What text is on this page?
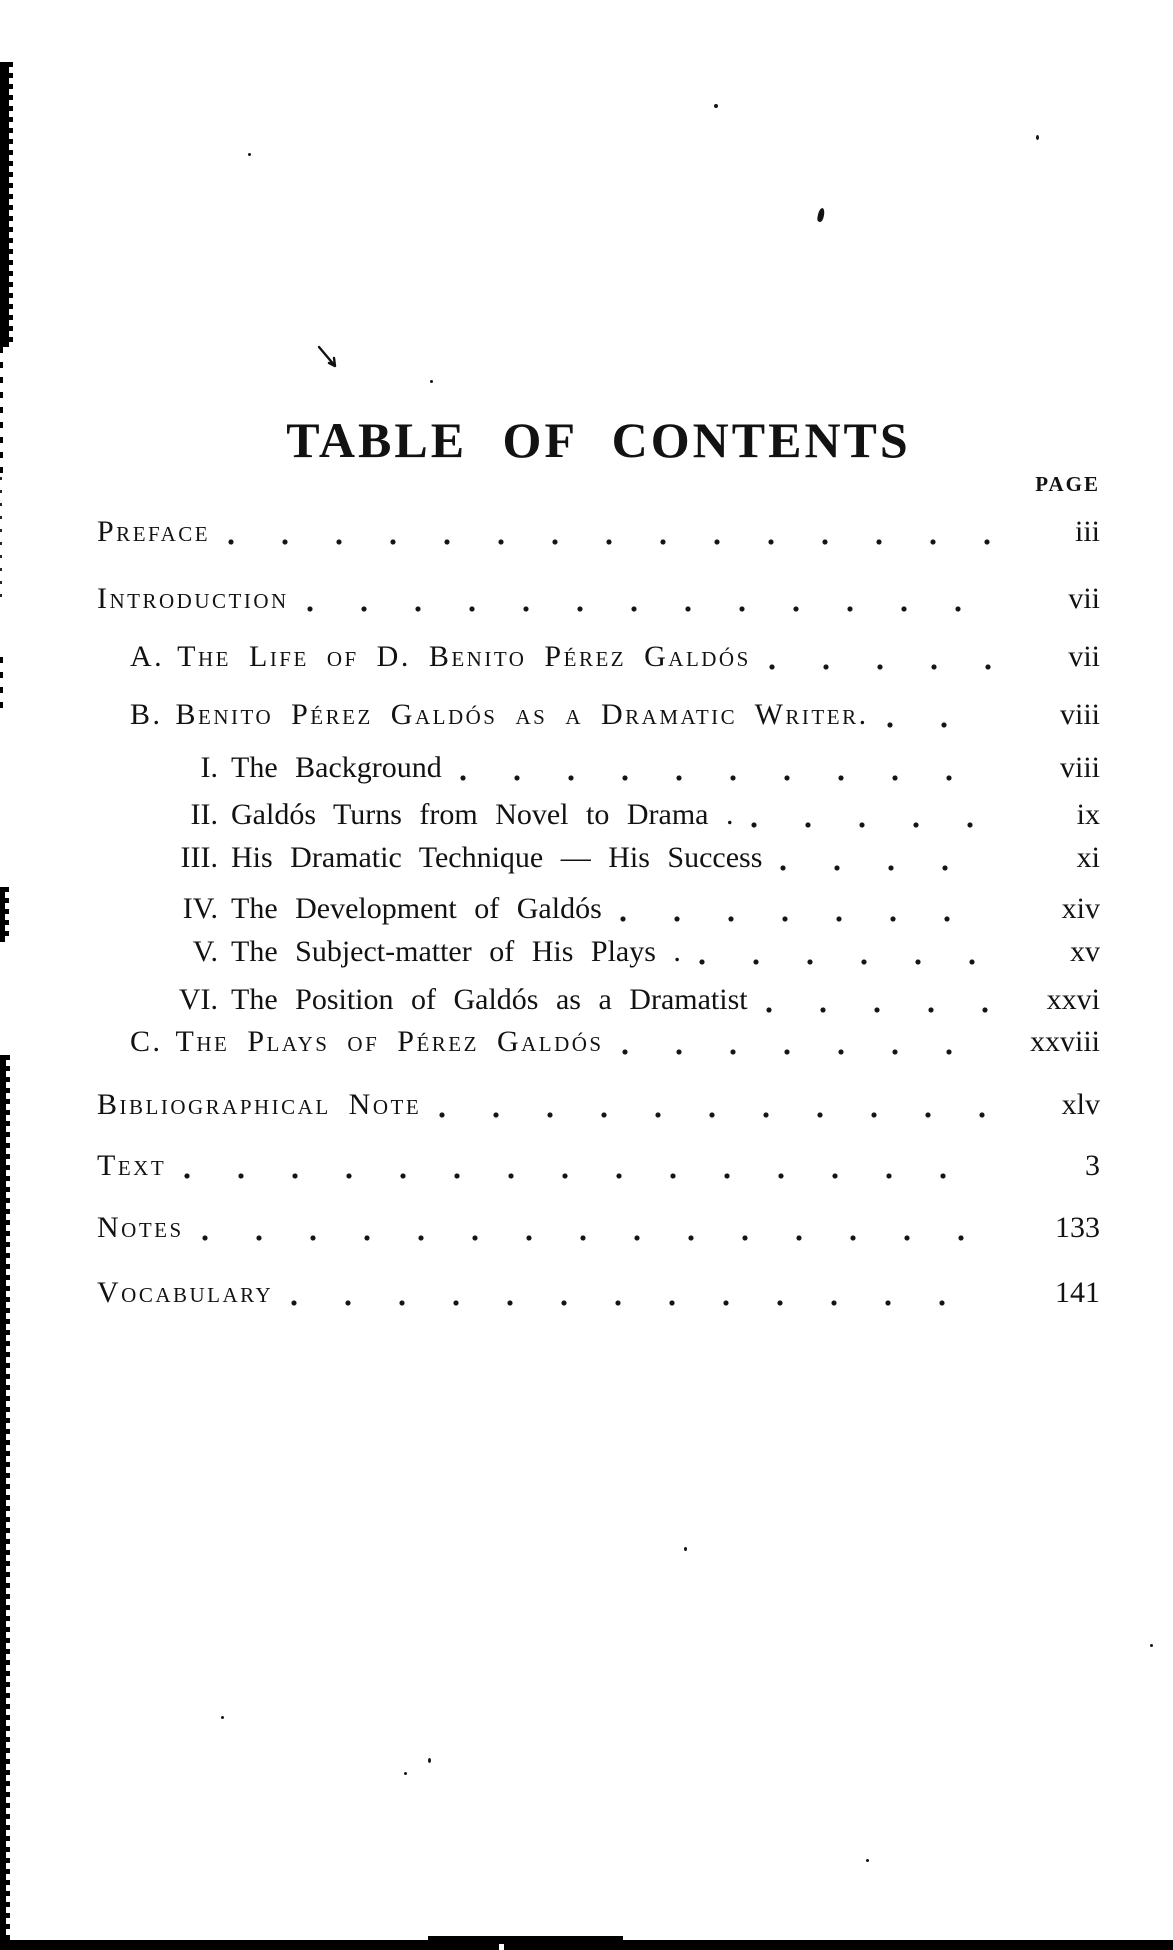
TABLE OF CONTENTS
PAGE
Preface	iii
Introduction	vii
A. The Life of D. Benito Pérez Galdós	vii
B. Benito Pérez Galdós as a Dramatic Writer.	viii
I. The Background	viii
II. Galdós Turns from Novel to Drama .	ix
III. His Dramatic Technique — His Success	xi
IV. The Development of Galdós	xiv
V. The Subject-matter of His Plays .	xv
VI. The Position of Galdós as a Dramatist	xxvi
C. The Plays of Pérez Galdós	xxviii
Bibliographical Note	xlv
Text	3
Notes	133
Vocabulary	141
